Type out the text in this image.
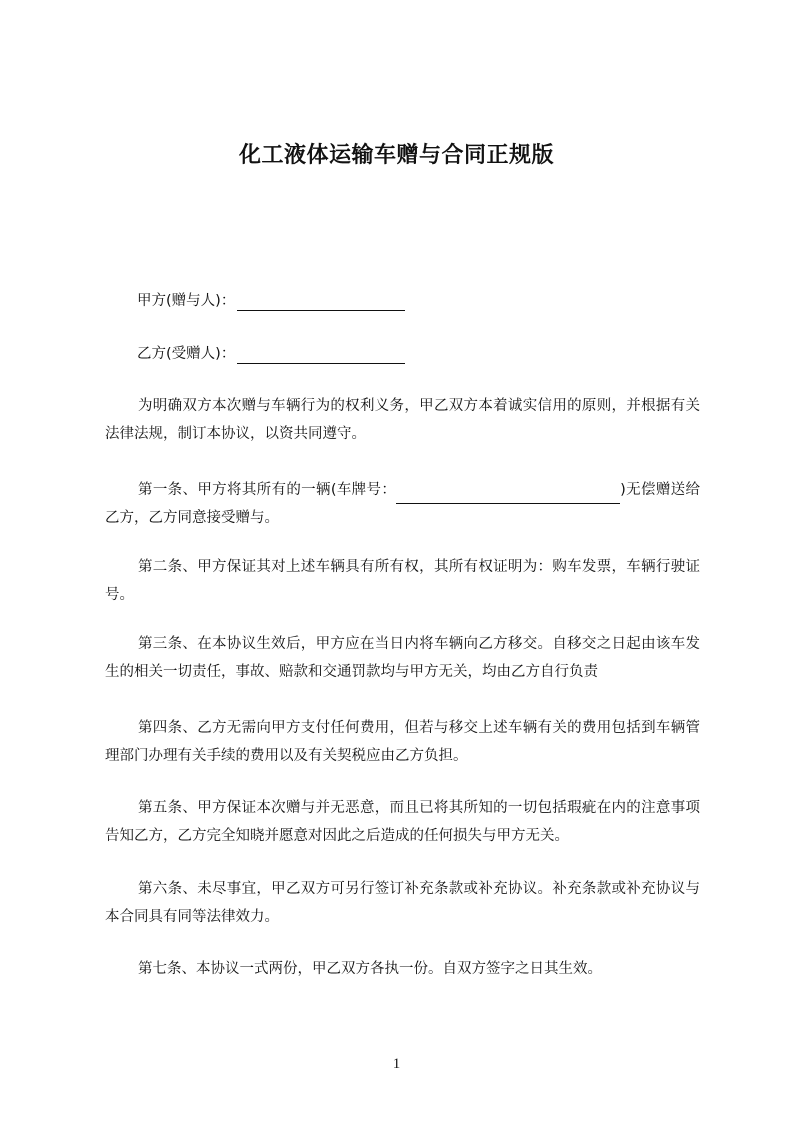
化工液体运输车赠与合同正规版
甲方(赠与人)：
乙方(受赠人)：
为明确双方本次赠与车辆行为的权利义务，甲乙双方本着诚实信用的原则，并根据有关法律法规，制订本协议，以资共同遵守。
第一条、甲方将其所有的一辆(车牌号：	)无偿赠送给乙方，乙方同意接受赠与。
第二条、甲方保证其对上述车辆具有所有权，其所有权证明为：购车发票，车辆行驶证号。
第三条、在本协议生效后，甲方应在当日内将车辆向乙方移交。自移交之日起由该车发生的相关一切责任，事故、赔款和交通罚款均与甲方无关，均由乙方自行负责
第四条、乙方无需向甲方支付任何费用，但若与移交上述车辆有关的费用包括到车辆管理部门办理有关手续的费用以及有关契税应由乙方负担。
第五条、甲方保证本次赠与并无恶意，而且已将其所知的一切包括瑕疵在内的注意事项告知乙方，乙方完全知晓并愿意对因此之后造成的任何损失与甲方无关。
第六条、未尽事宜，甲乙双方可另行签订补充条款或补充协议。补充条款或补充协议与本合同具有同等法律效力。
第七条、本协议一式两份，甲乙双方各执一份。自双方签字之日其生效。
1
